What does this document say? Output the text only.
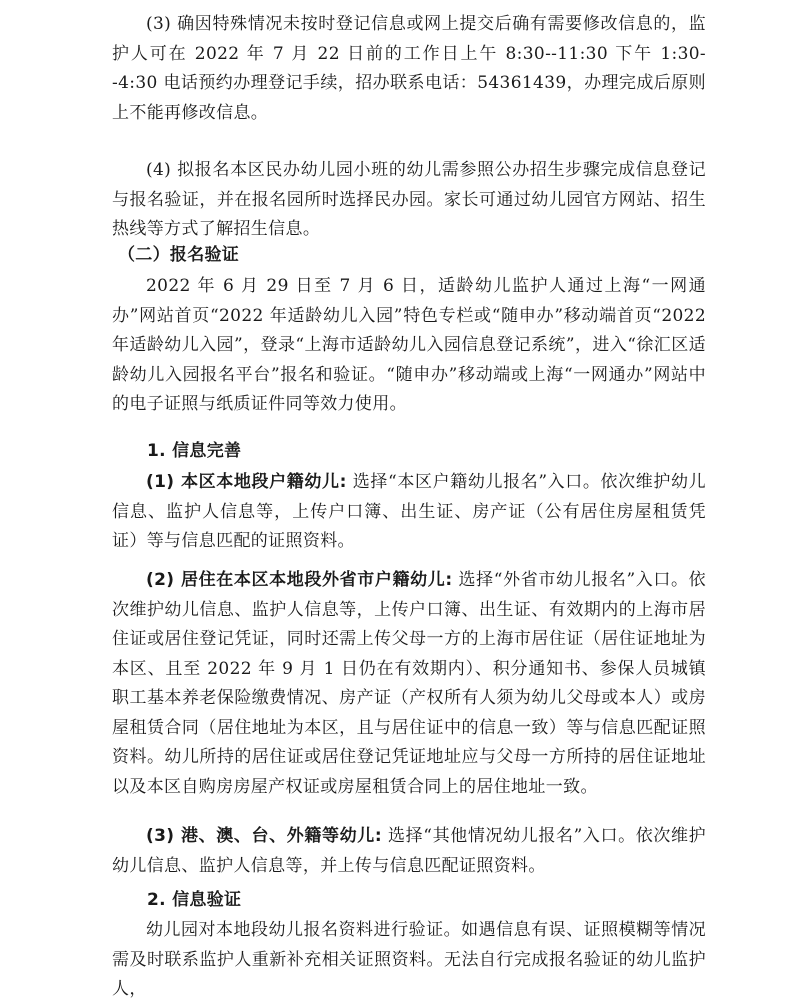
(3) 确因特殊情况未按时登记信息或网上提交后确有需要修改信息的，监护人可在 2022 年 7 月 22 日前的工作日上午 8:30--11:30 下午 1:30--4:30 电话预约办理登记手续，招办联系电话：54361439，办理完成后原则上不能再修改信息。

(4) 拟报名本区民办幼儿园小班的幼儿需参照公办招生步骤完成信息登记与报名验证，并在报名园所时选择民办园。家长可通过幼儿园官方网站、招生热线等方式了解招生信息。

（二）报名验证

2022 年 6 月 29 日至 7 月 6 日，适龄幼儿监护人通过上海“一网通办”网站首页“2022 年适龄幼儿入园”特色专栏或“随申办”移动端首页“2022 年适龄幼儿入园”，登录“上海市适龄幼儿入园信息登记系统”，进入“徐汇区适龄幼儿入园报名平台”报名和验证。“随申办”移动端或上海“一网通办”网站中的电子证照与纸质证件同等效力使用。

1. 信息完善

(1) 本区本地段户籍幼儿: 选择“本区户籍幼儿报名”入口。依次维护幼儿信息、监护人信息等，上传户口簿、出生证、房产证（公有居住房屋租赁凭证）等与信息匹配的证照资料。

(2) 居住在本区本地段外省市户籍幼儿: 选择“外省市幼儿报名”入口。依次维护幼儿信息、监护人信息等，上传户口簿、出生证、有效期内的上海市居住证或居住登记凭证，同时还需上传父母一方的上海市居住证（居住证地址为本区、且至 2022 年 9 月 1 日仍在有效期内）、积分通知书、参保人员城镇职工基本养老保险缴费情况、房产证（产权所有人须为幼儿父母或本人）或房屋租赁合同（居住地址为本区，且与居住证中的信息一致）等与信息匹配证照资料。幼儿所持的居住证或居住登记凭证地址应与父母一方所持的居住证地址以及本区自购房房屋产权证或房屋租赁合同上的居住地址一致。

(3) 港、澳、台、外籍等幼儿: 选择“其他情况幼儿报名”入口。依次维护幼儿信息、监护人信息等，并上传与信息匹配证照资料。

2. 信息验证

幼儿园对本地段幼儿报名资料进行验证。如遇信息有误、证照模糊等情况需及时联系监护人重新补充相关证照资料。无法自行完成报名验证的幼儿监护人，
